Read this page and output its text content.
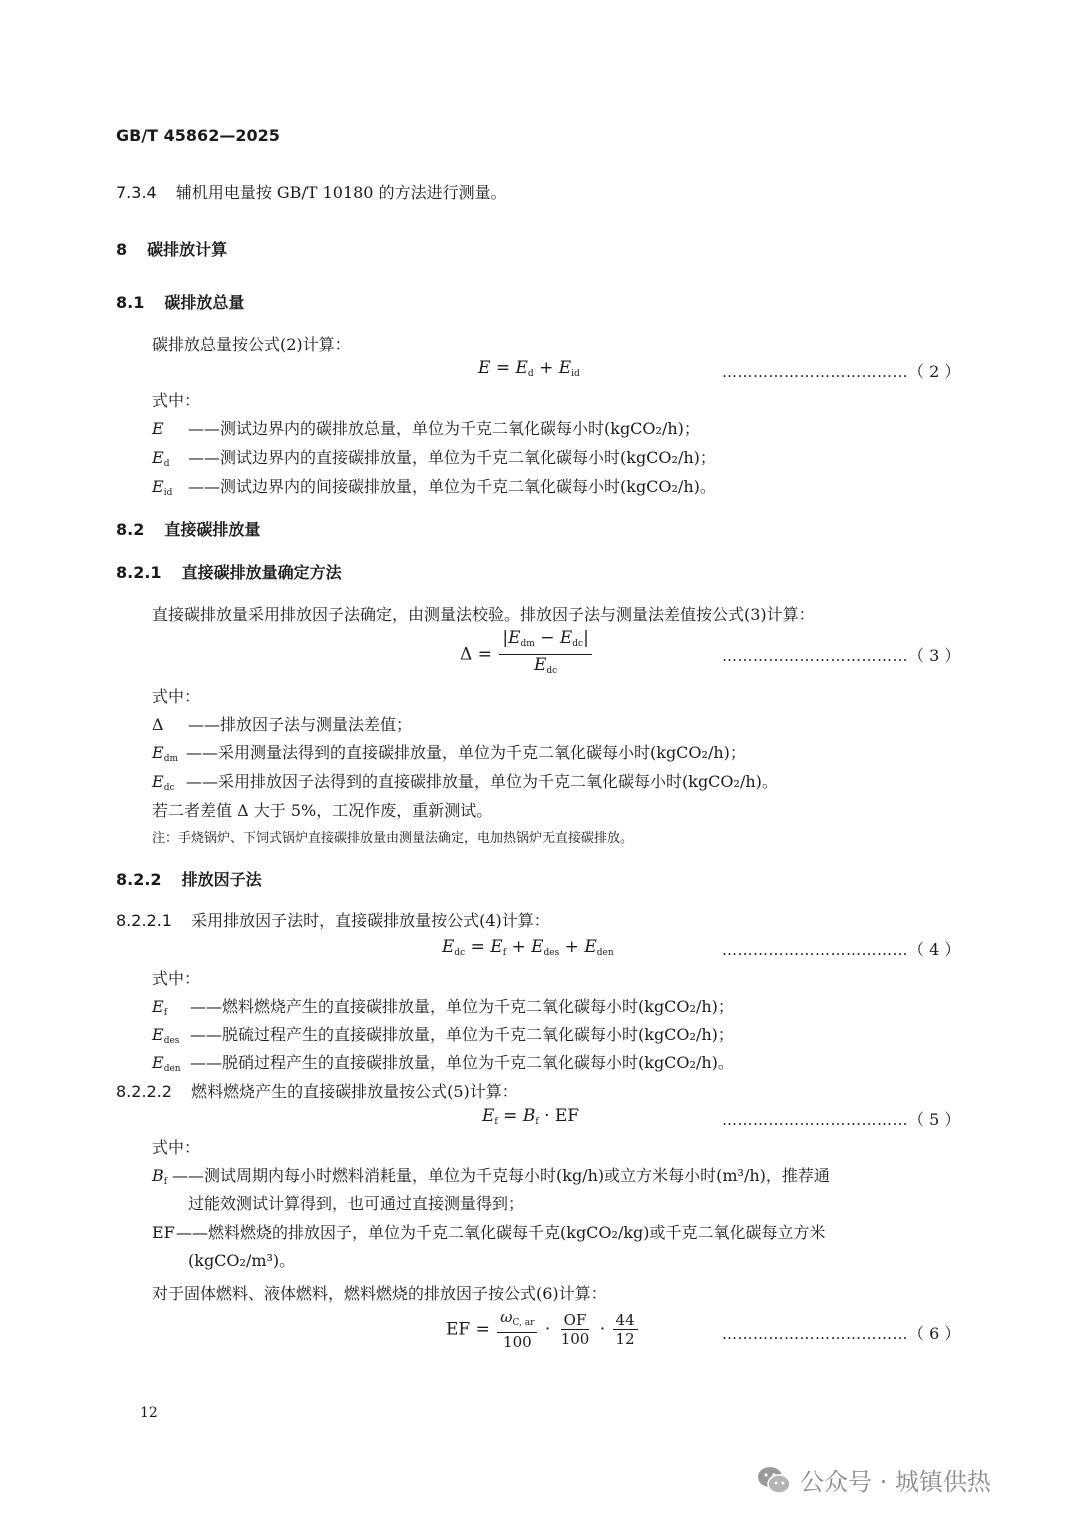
GB/T 45862—2025
7.3.4 辅机用电量按 GB/T 10180 的方法进行测量。
8 碳排放计算
8.1 碳排放总量
碳排放总量按公式(2)计算：
$E = E_d + E_{id}$	………………………………（ 2 ）
式中：
E ——测试边界内的碳排放总量，单位为千克二氧化碳每小时(kgCO₂/h)；
$E_d$ ——测试边界内的直接碳排放量，单位为千克二氧化碳每小时(kgCO₂/h)；
$E_{id}$ ——测试边界内的间接碳排放量，单位为千克二氧化碳每小时(kgCO₂/h)。
8.2 直接碳排放量
8.2.1 直接碳排放量确定方法
直接碳排放量采用排放因子法确定，由测量法校验。排放因子法与测量法差值按公式(3)计算：
$\Delta = \frac{|E_{dm} - E_{dc}|}{E_{dc}}$	………………………………（ 3 ）
式中：
Δ ——排放因子法与测量法差值；
$E_{dm}$ ——采用测量法得到的直接碳排放量，单位为千克二氧化碳每小时(kgCO₂/h)；
$E_{dc}$ ——采用排放因子法得到的直接碳排放量，单位为千克二氧化碳每小时(kgCO₂/h)。
若二者差值 Δ 大于 5%，工况作废，重新测试。
注：手烧锅炉、下饲式锅炉直接碳排放量由测量法确定，电加热锅炉无直接碳排放。
8.2.2 排放因子法
8.2.2.1 采用排放因子法时，直接碳排放量按公式(4)计算：
$E_{dc} = E_f + E_{des} + E_{den}$	………………………………（ 4 ）
式中：
$E_f$ ——燃料燃烧产生的直接碳排放量，单位为千克二氧化碳每小时(kgCO₂/h)；
$E_{des}$ ——脱硫过程产生的直接碳排放量，单位为千克二氧化碳每小时(kgCO₂/h)；
$E_{den}$ ——脱硝过程产生的直接碳排放量，单位为千克二氧化碳每小时(kgCO₂/h)。
8.2.2.2 燃料燃烧产生的直接碳排放量按公式(5)计算：
$E_f = B_f$ · EF	………………………………（ 5 ）
式中：
$B_f$ ——测试周期内每小时燃料消耗量，单位为千克每小时(kg/h)或立方米每小时(m³/h)，推荐通
过能效测试计算得到，也可通过直接测量得到；
EF——燃料燃烧的排放因子，单位为千克二氧化碳每千克(kgCO₂/kg)或千克二氧化碳每立方米
(kgCO₂/m³)。
对于固体燃料、液体燃料，燃料燃烧的排放因子按公式(6)计算：
EF = $\frac{\omega_{C, ar}}{100} \cdot \frac{OF}{100} \cdot \frac{44}{12}$	………………………………（ 6 ）
12
公众号 · 城镇供热
